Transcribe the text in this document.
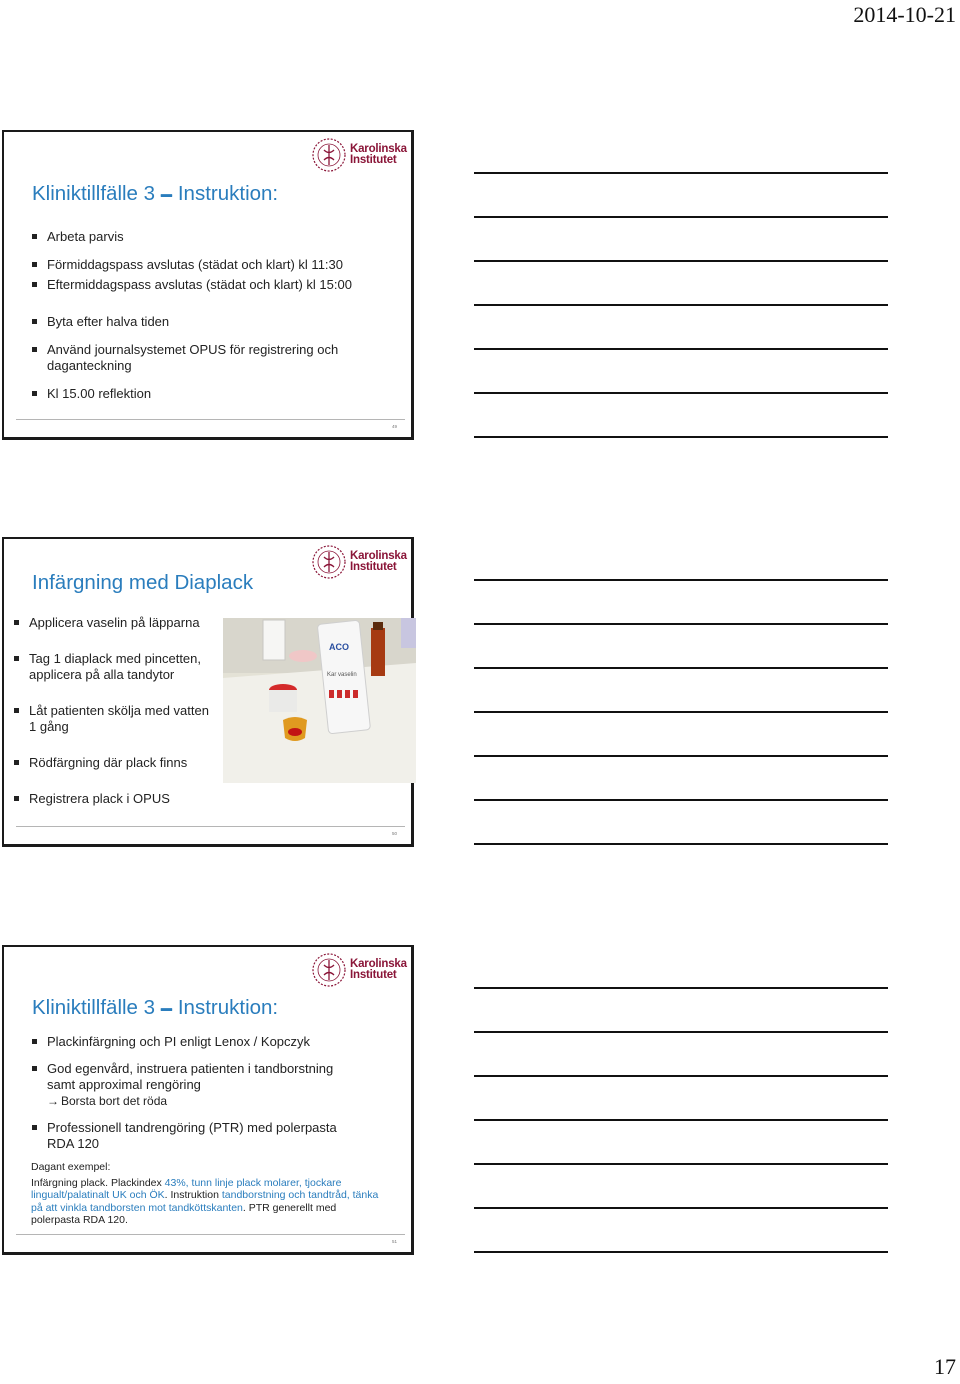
2014-10-21
Karolinska
Institutet
Kliniktillfälle 3 – Instruktion:
Arbeta parvis
Förmiddagspass avslutas (städat och klart) kl 11:30
Eftermiddagspass avslutas (städat och klart) kl 15:00
Byta efter halva tiden
Använd journalsystemet OPUS för registrering och daganteckning
Kl 15.00 reflektion
49
Karolinska
Institutet
Infärgning med Diaplack
Applicera vaselin på läpparna
Tag 1 diaplack med pincetten, applicera på alla tandytor
Låt patienten skölja med vatten 1 gång
Rödfärgning där plack finns
Registrera plack i OPUS
ACO
Kar vaselin
50
Karolinska
Institutet
Kliniktillfälle 3 – Instruktion:
Plackinfärgning och PI enligt Lenox / Kopczyk
God egenvård, instruera patienten i tandborstning samt approximal rengöring
→ Borsta bort det röda
Professionell tandrengöring (PTR) med polerpasta RDA 120
Dagant exempel:
Infärgning plack. Plackindex 43%, tunn linje plack molarer, tjockare lingualt/palatinalt UK och ÖK. Instruktion tandborstning och tandtråd, tänka på att vinkla tandborsten mot tandköttskanten. PTR generellt med polerpasta RDA 120.
51
17
